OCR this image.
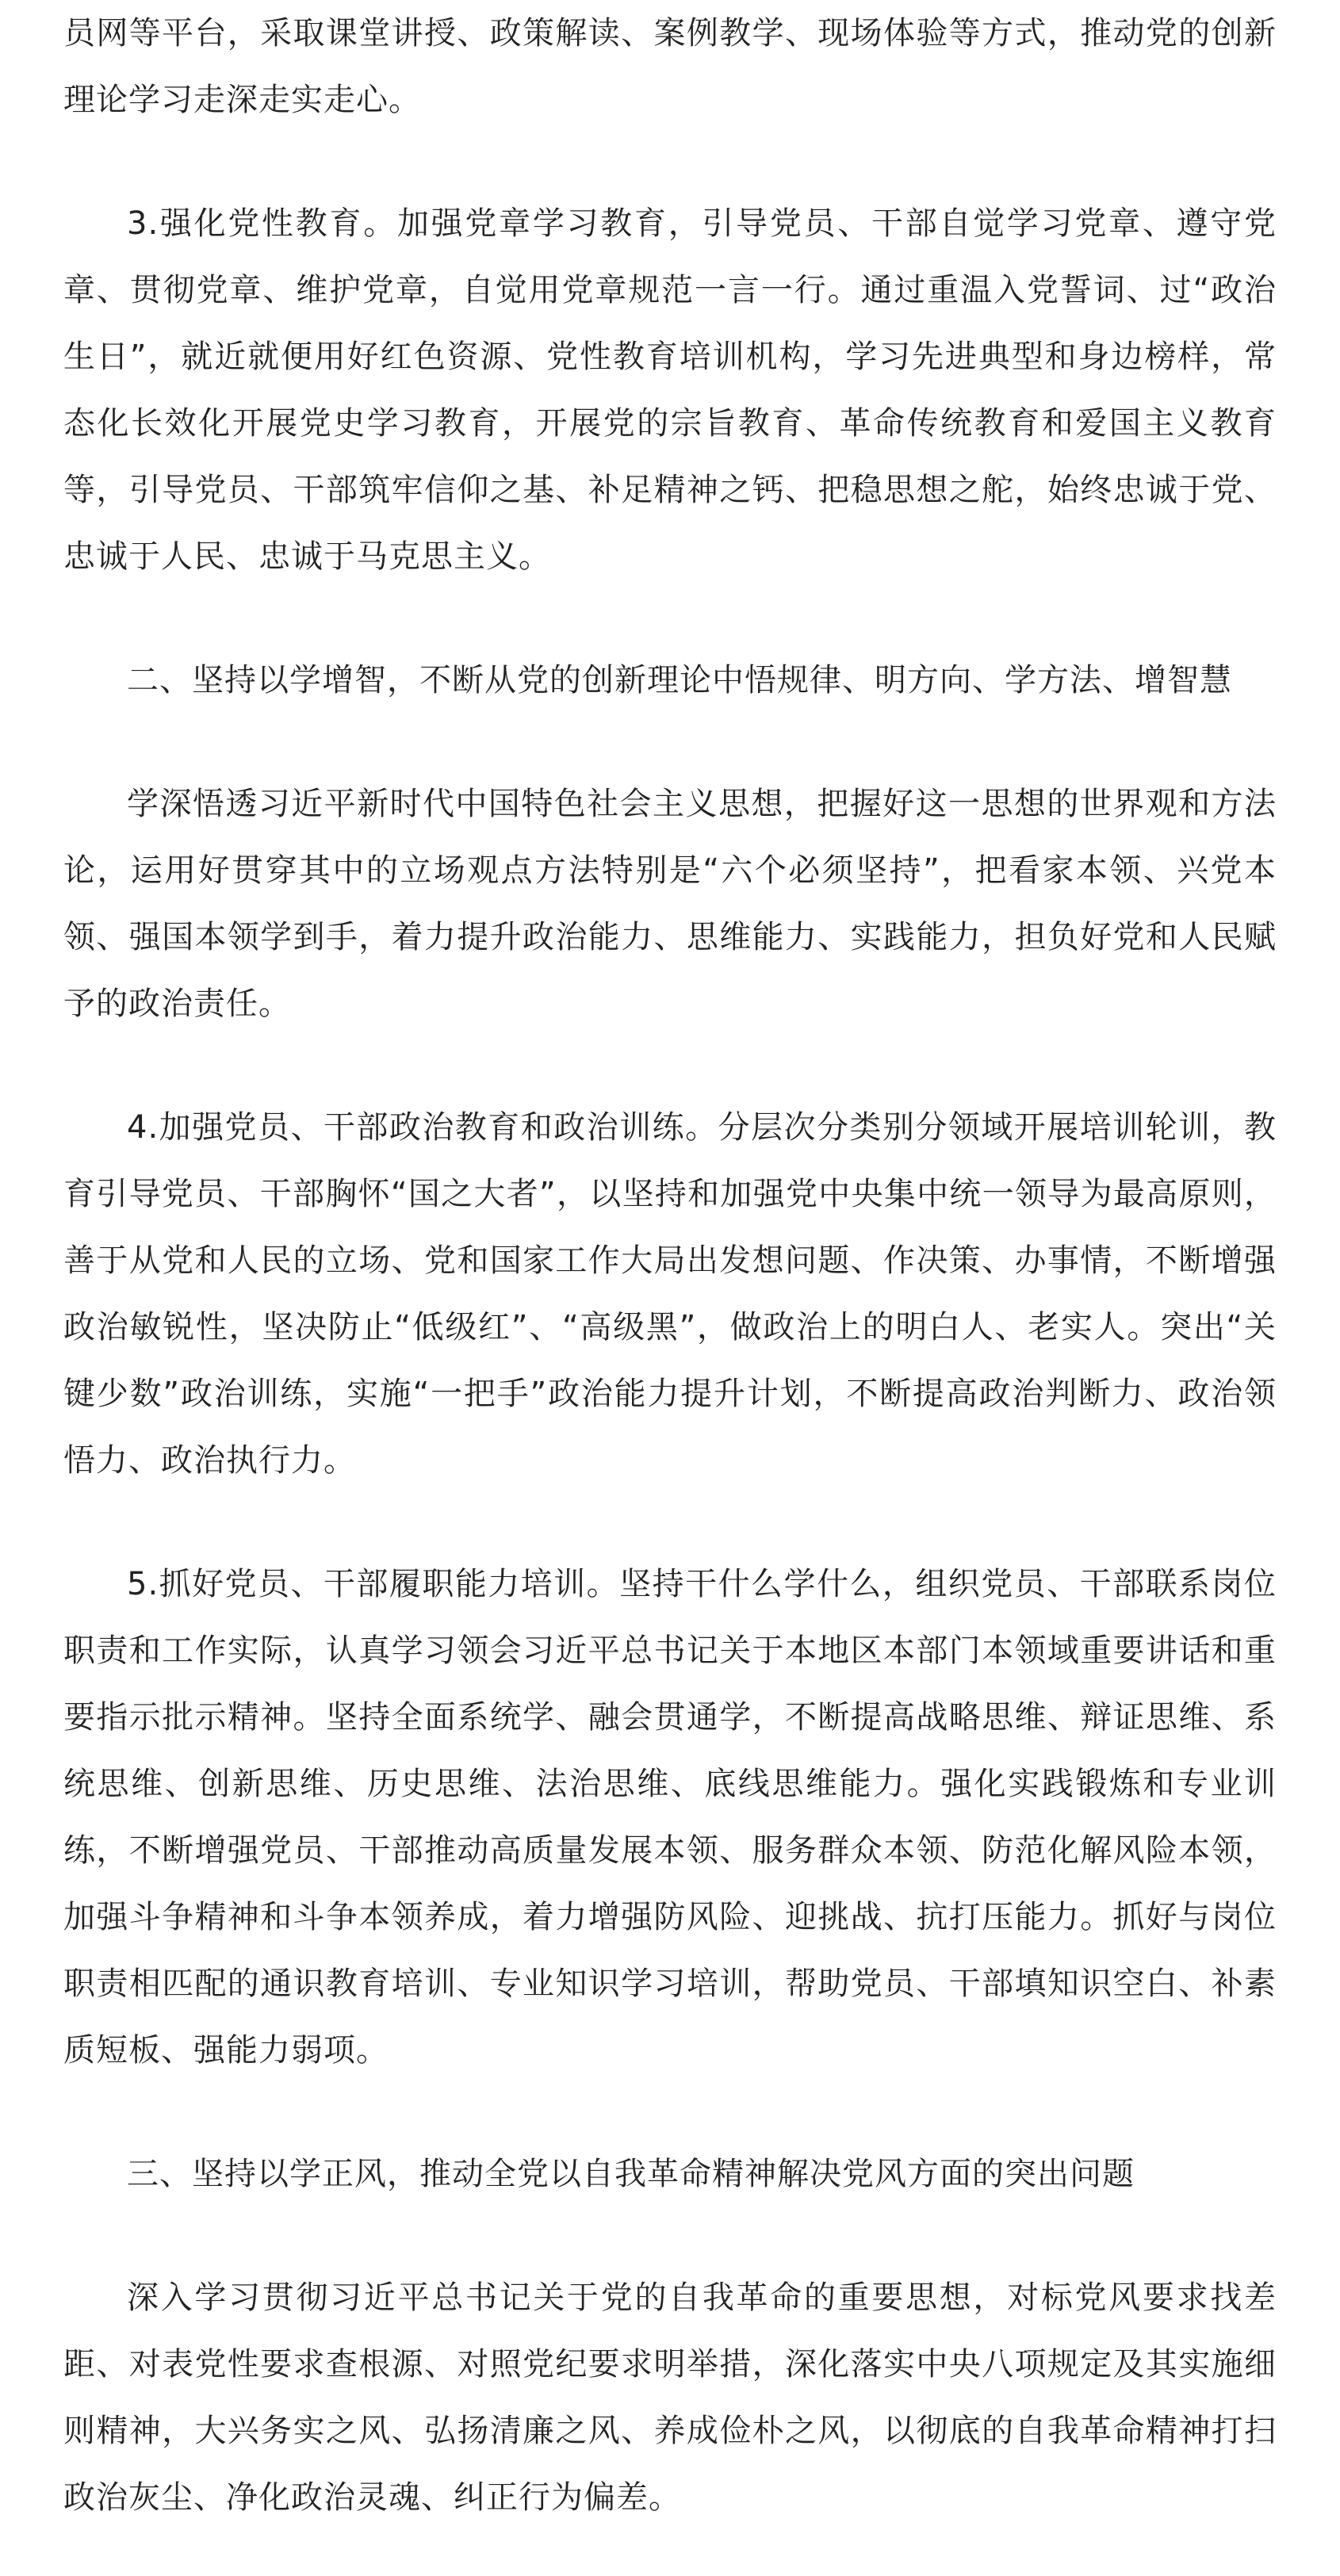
员网等平台，采取课堂讲授、政策解读、案例教学、现场体验等方式，推动党的创新理论学习走深走实走心。

3.强化党性教育。加强党章学习教育，引导党员、干部自觉学习党章、遵守党章、贯彻党章、维护党章，自觉用党章规范一言一行。通过重温入党誓词、过“政治生日”，就近就便用好红色资源、党性教育培训机构，学习先进典型和身边榜样，常态化长效化开展党史学习教育，开展党的宗旨教育、革命传统教育和爱国主义教育等，引导党员、干部筑牢信仰之基、补足精神之钙、把稳思想之舵，始终忠诚于党、忠诚于人民、忠诚于马克思主义。

二、坚持以学增智，不断从党的创新理论中悟规律、明方向、学方法、增智慧

学深悟透习近平新时代中国特色社会主义思想，把握好这一思想的世界观和方法论，运用好贯穿其中的立场观点方法特别是“六个必须坚持”，把看家本领、兴党本领、强国本领学到手，着力提升政治能力、思维能力、实践能力，担负好党和人民赋予的政治责任。

4.加强党员、干部政治教育和政治训练。分层次分类别分领域开展培训轮训，教育引导党员、干部胸怀“国之大者”，以坚持和加强党中央集中统一领导为最高原则，善于从党和人民的立场、党和国家工作大局出发想问题、作决策、办事情，不断增强政治敏锐性，坚决防止“低级红”、“高级黑”，做政治上的明白人、老实人。突出“关键少数”政治训练，实施“一把手”政治能力提升计划，不断提高政治判断力、政治领悟力、政治执行力。

5.抓好党员、干部履职能力培训。坚持干什么学什么，组织党员、干部联系岗位职责和工作实际，认真学习领会习近平总书记关于本地区本部门本领域重要讲话和重要指示批示精神。坚持全面系统学、融会贯通学，不断提高战略思维、辩证思维、系统思维、创新思维、历史思维、法治思维、底线思维能力。强化实践锻炼和专业训练，不断增强党员、干部推动高质量发展本领、服务群众本领、防范化解风险本领，加强斗争精神和斗争本领养成，着力增强防风险、迎挑战、抗打压能力。抓好与岗位职责相匹配的通识教育培训、专业知识学习培训，帮助党员、干部填知识空白、补素质短板、强能力弱项。

三、坚持以学正风，推动全党以自我革命精神解决党风方面的突出问题

深入学习贯彻习近平总书记关于党的自我革命的重要思想，对标党风要求找差距、对表党性要求查根源、对照党纪要求明举措，深化落实中央八项规定及其实施细则精神，大兴务实之风、弘扬清廉之风、养成俭朴之风，以彻底的自我革命精神打扫政治灰尘、净化政治灵魂、纠正行为偏差。
